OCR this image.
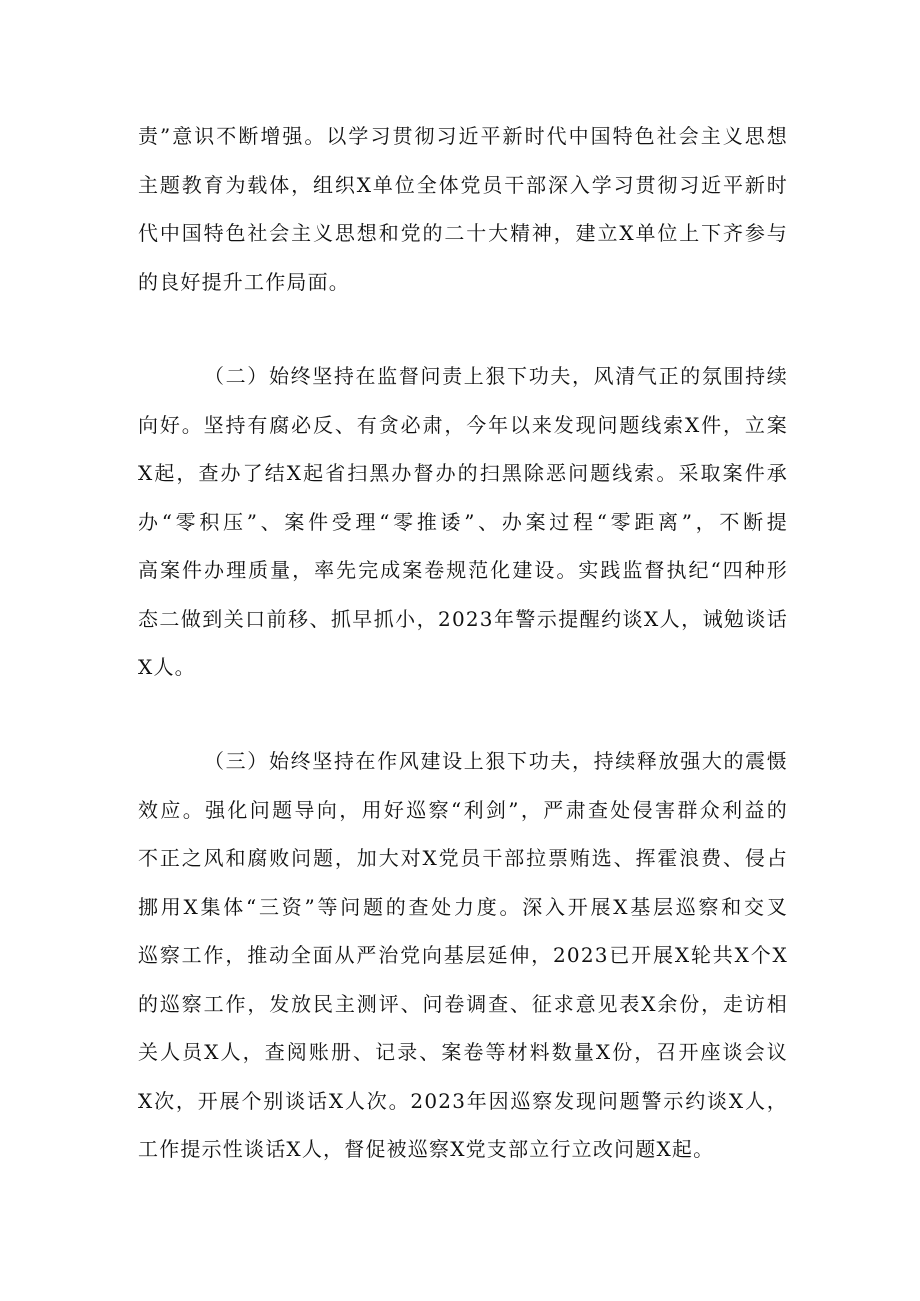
责”意识不断增强。以学习贯彻习近平新时代中国特色社会主义思想
主题教育为载体，组织X单位全体党员干部深入学习贯彻习近平新时
代中国特色社会主义思想和党的二十大精神，建立X单位上下齐参与
的良好提升工作局面。
（二）始终坚持在监督问责上狠下功夫，风清气正的氛围持续
向好。坚持有腐必反、有贪必肃，今年以来发现问题线索X件，立案
X起，查办了结X起省扫黑办督办的扫黑除恶问题线索。采取案件承
办“零积压”、案件受理“零推诿”、办案过程“零距离”，不断提
高案件办理质量，率先完成案卷规范化建设。实践监督执纪“四种形
态二做到关口前移、抓早抓小，2023年警示提醒约谈X人，诫勉谈话
X人。
（三）始终坚持在作风建设上狠下功夫，持续释放强大的震慑
效应。强化问题导向，用好巡察“利剑”，严肃查处侵害群众利益的
不正之风和腐败问题，加大对X党员干部拉票贿选、挥霍浪费、侵占
挪用X集体“三资”等问题的查处力度。深入开展X基层巡察和交叉
巡察工作，推动全面从严治党向基层延伸，2023已开展X轮共X个X
的巡察工作，发放民主测评、问卷调查、征求意见表X余份，走访相
关人员X人，查阅账册、记录、案卷等材料数量X份，召开座谈会议
X次，开展个别谈话X人次。2023年因巡察发现问题警示约谈X人，
工作提示性谈话X人，督促被巡察X党支部立行立改问题X起。
